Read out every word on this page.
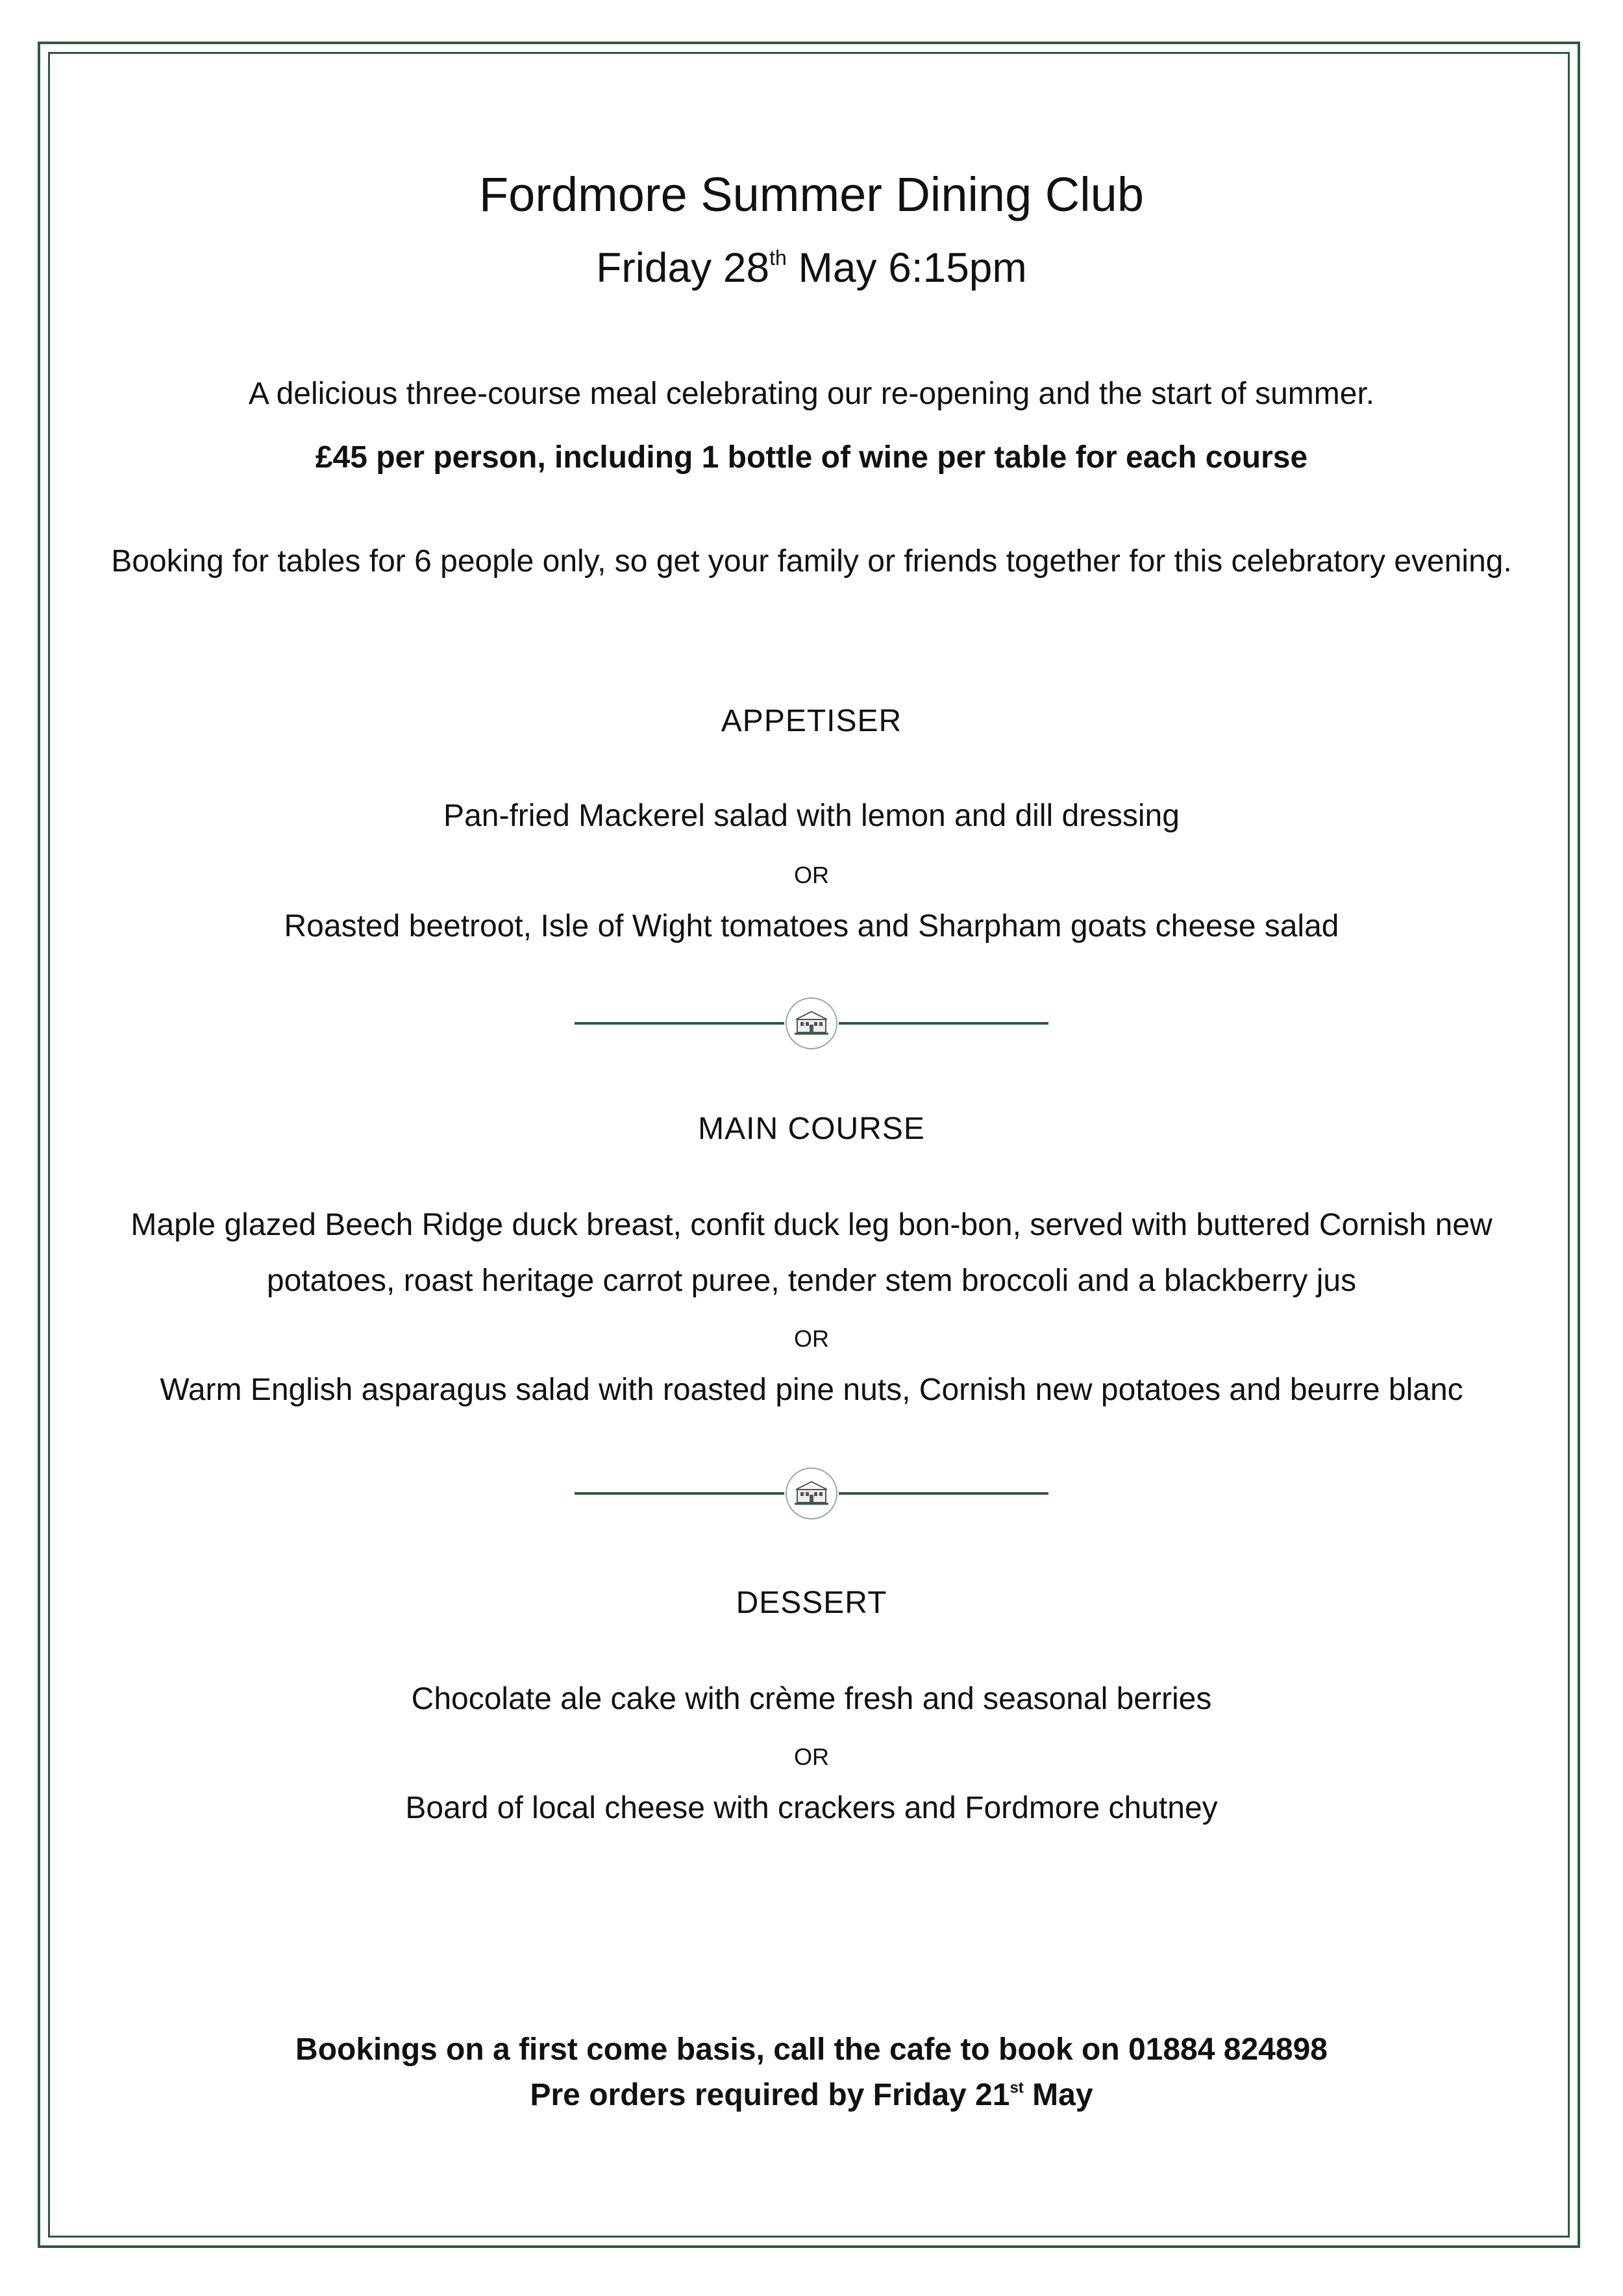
Fordmore Summer Dining Club
Friday 28th May 6:15pm
A delicious three-course meal celebrating our re-opening and the start of summer.
£45 per person, including 1 bottle of wine per table for each course
Booking for tables for 6 people only, so get your family or friends together for this celebratory evening.
APPETISER
Pan-fried Mackerel salad with lemon and dill dressing
OR
Roasted beetroot, Isle of Wight tomatoes and Sharpham goats cheese salad
MAIN COURSE
Maple glazed Beech Ridge duck breast, confit duck leg bon-bon, served with buttered Cornish new
potatoes, roast heritage carrot puree, tender stem broccoli and a blackberry jus
OR
Warm English asparagus salad with roasted pine nuts, Cornish new potatoes and beurre blanc
DESSERT
Chocolate ale cake with crème fresh and seasonal berries
OR
Board of local cheese with crackers and Fordmore chutney
Bookings on a first come basis, call the cafe to book on 01884 824898
Pre orders required by Friday 21st May
